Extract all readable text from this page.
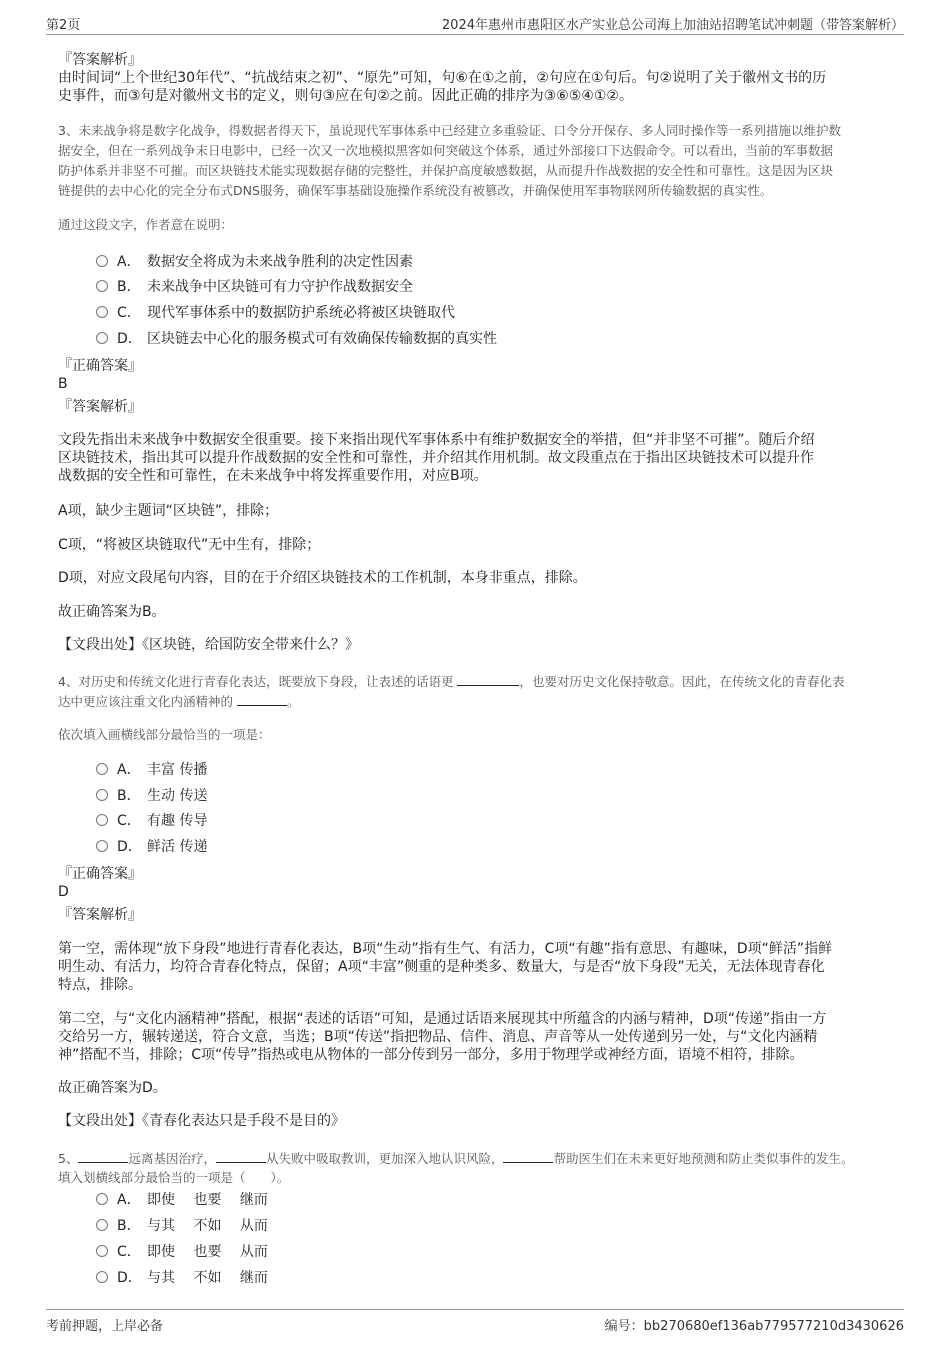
第2页	2024年惠州市惠阳区水产实业总公司海上加油站招聘笔试冲刺题（带答案解析）
『答案解析』
由时间词“上个世纪30年代”、“抗战结束之初”、“原先”可知，句⑥在①之前，②句应在①句后。句②说明了关于徽州文书的历
史事件，而③句是对徽州文书的定义，则句③应在句②之前。因此正确的排序为③⑥⑤④①②。
3、未来战争将是数字化战争，得数据者得天下，虽说现代军事体系中已经建立多重验证、口令分开保存、多人同时操作等一系列措施以维护数
据安全，但在一系列战争末日电影中，已经一次又一次地模拟黑客如何突破这个体系，通过外部接口下达假命令。可以看出，当前的军事数据
防护体系并非坚不可摧。而区块链技术能实现数据存储的完整性，并保护高度敏感数据，从而提升作战数据的安全性和可靠性。这是因为区块
链提供的去中心化的完全分布式DNS服务，确保军事基础设施操作系统没有被篡改，并确保使用军事物联网所传输数据的真实性。
通过这段文字，作者意在说明：
A． 数据安全将成为未来战争胜利的决定性因素
B． 未来战争中区块链可有力守护作战数据安全
C． 现代军事体系中的数据防护系统必将被区块链取代
D． 区块链去中心化的服务模式可有效确保传输数据的真实性
『正确答案』
B
『答案解析』
文段先指出未来战争中数据安全很重要。接下来指出现代军事体系中有维护数据安全的举措，但“并非坚不可摧”。随后介绍
区块链技术，指出其可以提升作战数据的安全性和可靠性，并介绍其作用机制。故文段重点在于指出区块链技术可以提升作
战数据的安全性和可靠性，在未来战争中将发挥重要作用，对应B项。
A项，缺少主题词“区块链”，排除；
C项，“将被区块链取代”无中生有，排除；
D项，对应文段尾句内容，目的在于介绍区块链技术的工作机制，本身非重点，排除。
故正确答案为B。
【文段出处】《区块链，给国防安全带来什么？》
4、对历史和传统文化进行青春化表达，既要放下身段，让表述的话语更	，也要对历史文化保持敬意。因此，在传统文化的青春化表
达中更应该注重文化内涵精神的	。
依次填入画横线部分最恰当的一项是：
A． 丰富 传播
B． 生动 传送
C． 有趣 传导
D． 鲜活 传递
『正确答案』
D
『答案解析』
第一空，需体现“放下身段”地进行青春化表达，B项“生动”指有生气、有活力，C项“有趣”指有意思、有趣味，D项“鲜活”指鲜
明生动、有活力，均符合青春化特点，保留；A项“丰富”侧重的是种类多、数量大，与是否“放下身段”无关，无法体现青春化
特点，排除。
第二空，与“文化内涵精神”搭配，根据“表述的话语”可知，是通过话语来展现其中所蕴含的内涵与精神，D项“传递”指由一方
交给另一方，辗转递送，符合文意，当选；B项“传送”指把物品、信件、消息、声音等从一处传递到另一处，与“文化内涵精
神”搭配不当，排除；C项“传导”指热或电从物体的一部分传到另一部分，多用于物理学或神经方面，语境不相符，排除。
故正确答案为D。
【文段出处】《青春化表达只是手段不是目的》
5、	远离基因治疗，	从失败中吸取教训，更加深入地认识风险，	帮助医生们在未来更好地预测和防止类似事件的发生。
填入划横线部分最恰当的一项是（　　）。
A． 即使　 也要　 继而
B． 与其　 不如　 从而
C． 即使　 也要　 从而
D． 与其　 不如　 继而
考前押题，上岸必备	编号：bb270680ef136ab779577210d3430626
